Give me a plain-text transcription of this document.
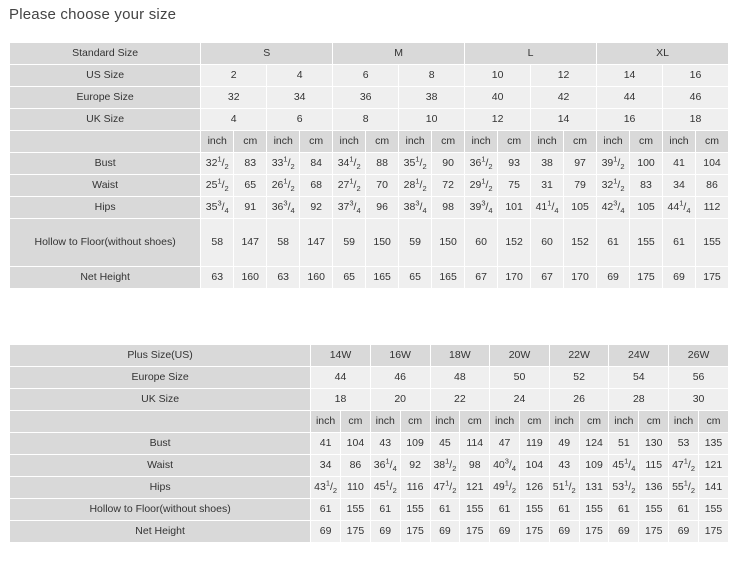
Please choose your size
Standard Size	S				M				L				XL			
US Size	2		4		6		8		10		12		14		16	
Europe Size	32		34		36		38		40		42		44		46	
UK Size	4		6		8		10		12		14		16		18	
	inch	cm	inch	cm	inch	cm	inch	cm	inch	cm	inch	cm	inch	cm	inch	cm
Bust	$32^1/_2$	83	$33^1/_2$	84	$34^1/_2$	88	$35^1/_2$	90	$36^1/_2$	93	38	97	$39^1/_2$	100	41	104
Waist	$25^1/_2$	65	$26^1/_2$	68	$27^1/_2$	70	$28^1/_2$	72	$29^1/_2$	75	31	79	$32^1/_2$	83	34	86
Hips	$35^3/_4$	91	$36^3/_4$	92	$37^3/_4$	96	$38^3/_4$	98	$39^3/_4$	101	$41^1/_4$	105	$42^3/_4$	105	$44^1/_4$	112
Hollow to Floor(without shoes)	58	147	58	147	59	150	59	150	60	152	60	152	61	155	61	155
Net Height	63	160	63	160	65	165	65	165	67	170	67	170	69	175	69	175
Plus Size(US)	14W		16W		18W		20W		22W		24W		26W	
Europe Size	44		46		48		50		52		54		56	
UK Size	18		20		22		24		26		28		30	
	inch	cm	inch	cm	inch	cm	inch	cm	inch	cm	inch	cm	inch	cm
Bust	41	104	43	109	45	114	47	119	49	124	51	130	53	135
Waist	34	86	$36^1/_4$	92	$38^1/_2$	98	$40^3/_4$	104	43	109	$45^1/_4$	115	$47^1/_2$	121
Hips	$43^1/_2$	110	$45^1/_2$	116	$47^1/_2$	121	$49^1/_2$	126	$51^1/_2$	131	$53^1/_2$	136	$55^1/_2$	141
Hollow to Floor(without shoes)	61	155	61	155	61	155	61	155	61	155	61	155	61	155
Net Height	69	175	69	175	69	175	69	175	69	175	69	175	69	175
